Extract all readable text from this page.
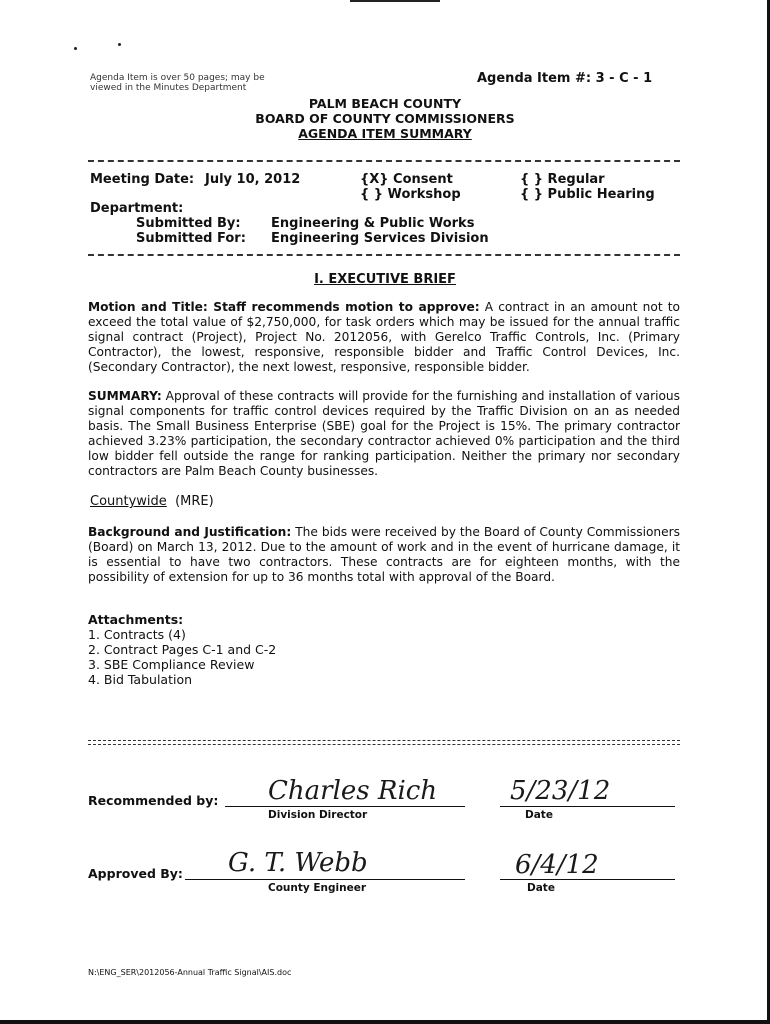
Agenda Item is over 50 pages; may be
viewed in the Minutes Department
Agenda Item #: 3 - C - 1
PALM BEACH COUNTY
BOARD OF COUNTY COMMISSIONERS
AGENDA ITEM SUMMARY
Meeting Date: July 10, 2012	{X} Consent
{ } Workshop
{ } Regular
{ } Public Hearing
Department:
Submitted By: Engineering & Public Works
Submitted For: Engineering Services Division
I. EXECUTIVE BRIEF

Motion and Title: Staff recommends motion to approve: A contract in an amount not to exceed the total value of $2,750,000, for task orders which may be issued for the annual traffic signal contract (Project), Project No. 2012056, with Gerelco Traffic Controls, Inc. (Primary Contractor), the lowest, responsive, responsible bidder and Traffic Control Devices, Inc. (Secondary Contractor), the next lowest, responsive, responsible bidder.

SUMMARY: Approval of these contracts will provide for the furnishing and installation of various signal components for traffic control devices required by the Traffic Division on an as needed basis. The Small Business Enterprise (SBE) goal for the Project is 15%. The primary contractor achieved 3.23% participation, the secondary contractor achieved 0% participation and the third low bidder fell outside the range for ranking participation. Neither the primary nor secondary contractors are Palm Beach County businesses.

Countywide (MRE)

Background and Justification: The bids were received by the Board of County Commissioners (Board) on March 13, 2012. Due to the amount of work and in the event of hurricane damage, it is essential to have two contractors. These contracts are for eighteen months, with the possibility of extension for up to 36 months total with approval of the Board.

Attachments:
1. Contracts (4)
2. Contract Pages C-1 and C-2
3. SBE Compliance Review
4. Bid Tabulation
Recommended by: Charles Rich
Division Director
5/23/12
Date
Approved By: G. T. Webb
County Engineer
6/4/12
Date
N:\ENG_SER\2012056-Annual Traffic Signal\AIS.doc
